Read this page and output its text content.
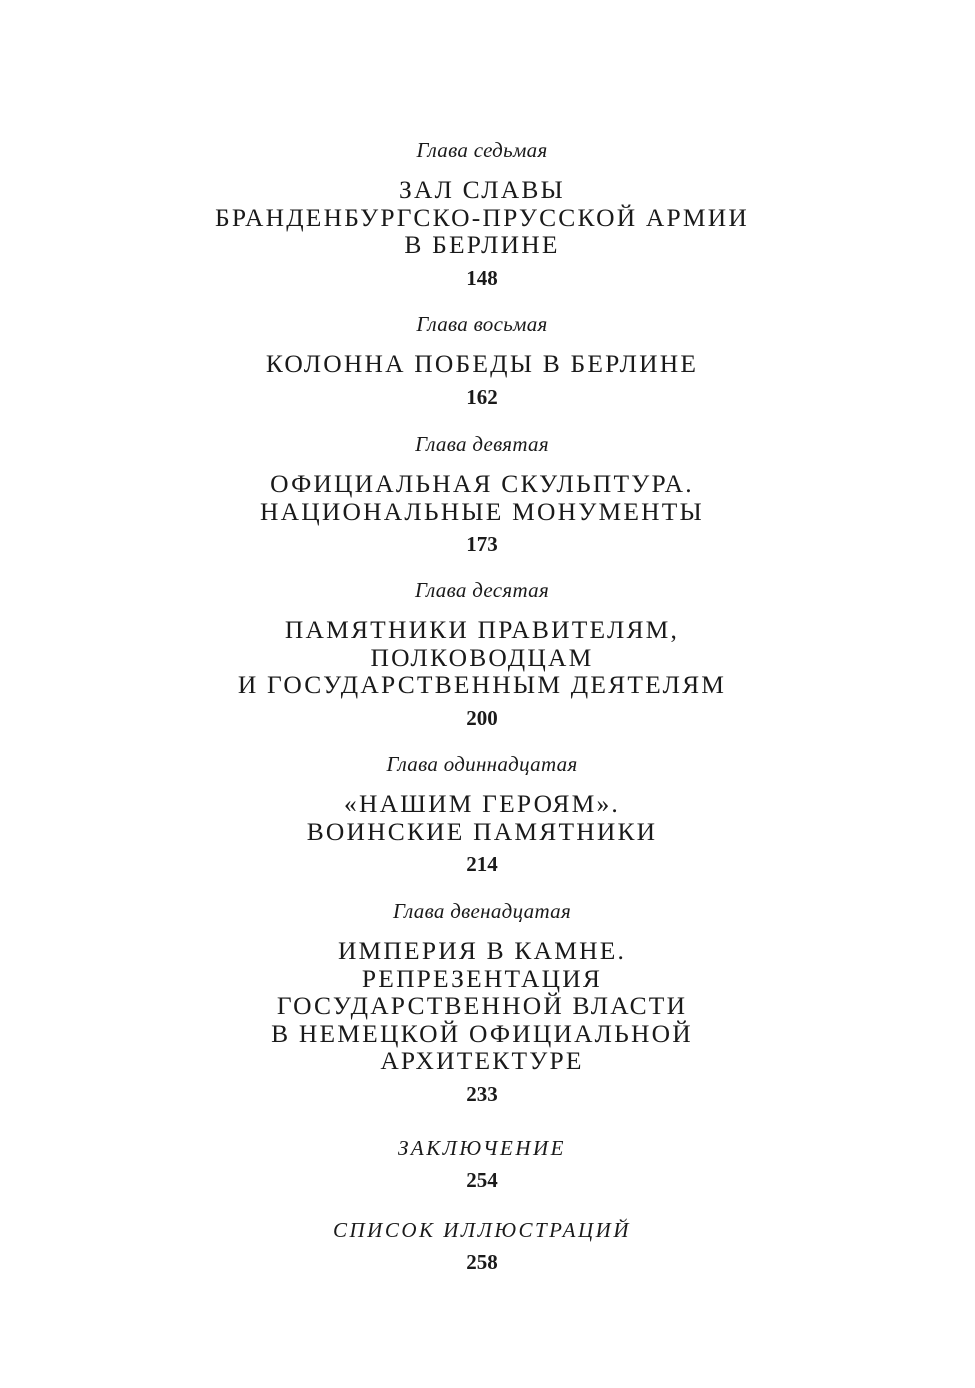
Глава седьмая

ЗАЛ СЛАВЫ
БРАНДЕНБУРГСКО-ПРУССКОЙ АРМИИ
В БЕРЛИНЕ

148

Глава восьмая

КОЛОННА ПОБЕДЫ В БЕРЛИНЕ

162

Глава девятая

ОФИЦИАЛЬНАЯ СКУЛЬПТУРА.
НАЦИОНАЛЬНЫЕ МОНУМЕНТЫ

173

Глава десятая

ПАМЯТНИКИ ПРАВИТЕЛЯМ,
ПОЛКОВОДЦАМ
И ГОСУДАРСТВЕННЫМ ДЕЯТЕЛЯМ

200

Глава одиннадцатая

«НАШИМ ГЕРОЯМ».
ВОИНСКИЕ ПАМЯТНИКИ

214

Глава двенадцатая

ИМПЕРИЯ В КАМНЕ.
РЕПРЕЗЕНТАЦИЯ
ГОСУДАРСТВЕННОЙ ВЛАСТИ
В НЕМЕЦКОЙ ОФИЦИАЛЬНОЙ
АРХИТЕКТУРЕ

233

ЗАКЛЮЧЕНИЕ

254

СПИСОК ИЛЛЮСТРАЦИЙ

258
